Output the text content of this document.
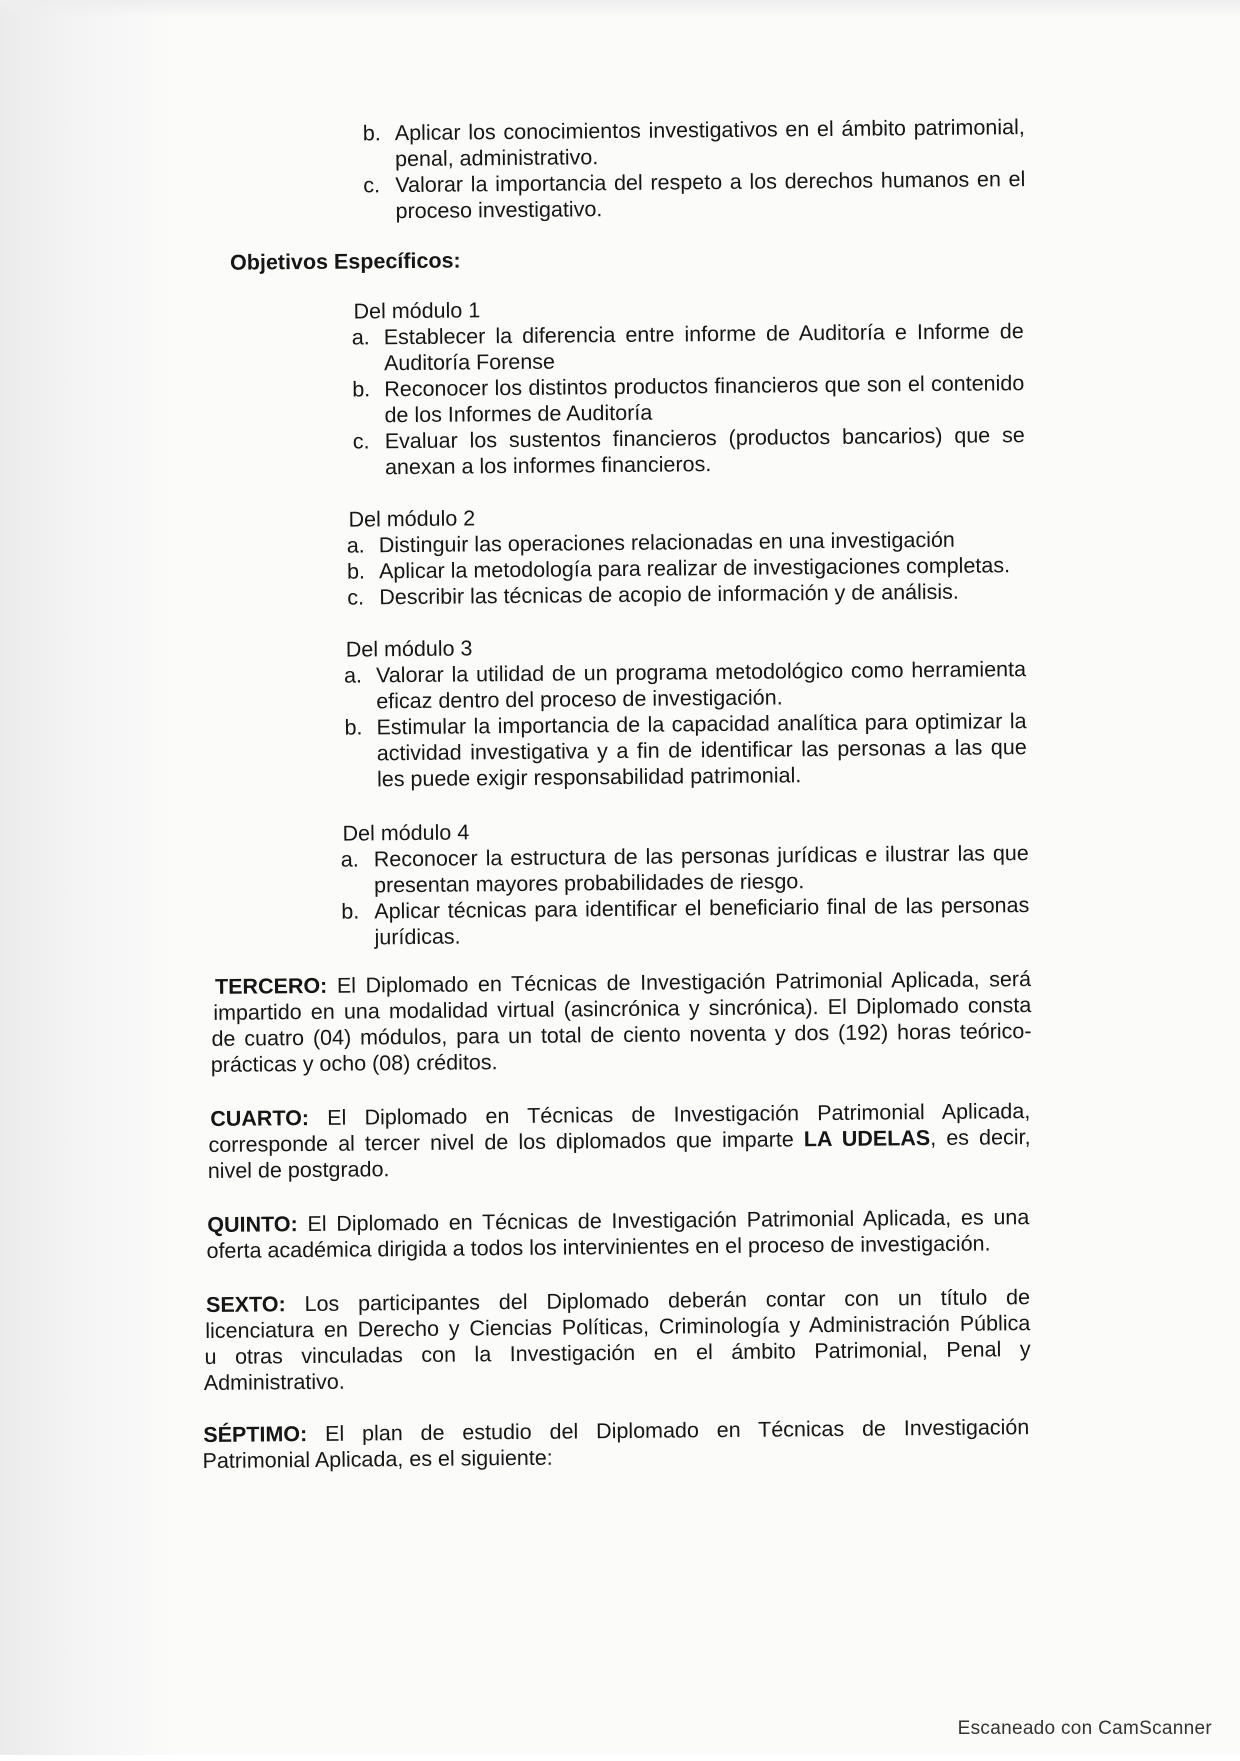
b. Aplicar los conocimientos investigativos en el ámbito patrimonial,
penal, administrativo.
c. Valorar la importancia del respeto a los derechos humanos en el
proceso investigativo.
Objetivos Específicos:
Del módulo 1
a. Establecer la diferencia entre informe de Auditoría e Informe de
Auditoría Forense
b. Reconocer los distintos productos financieros que son el contenido
de los Informes de Auditoría
c. Evaluar los sustentos financieros (productos bancarios) que se
anexan a los informes financieros.
Del módulo 2
a. Distinguir las operaciones relacionadas en una investigación
b. Aplicar la metodología para realizar de investigaciones completas.
c. Describir las técnicas de acopio de información y de análisis.
Del módulo 3
a. Valorar la utilidad de un programa metodológico como herramienta
eficaz dentro del proceso de investigación.
b. Estimular la importancia de la capacidad analítica para optimizar la
actividad investigativa y a fin de identificar las personas a las que
les puede exigir responsabilidad patrimonial.
Del módulo 4
a. Reconocer la estructura de las personas jurídicas e ilustrar las que
presentan mayores probabilidades de riesgo.
b. Aplicar técnicas para identificar el beneficiario final de las personas
jurídicas.
TERCERO: El Diplomado en Técnicas de Investigación Patrimonial Aplicada, será
impartido en una modalidad virtual (asincrónica y sincrónica). El Diplomado consta
de cuatro (04) módulos, para un total de ciento noventa y dos (192) horas teórico-
prácticas y ocho (08) créditos.
CUARTO: El Diplomado en Técnicas de Investigación Patrimonial Aplicada,
corresponde al tercer nivel de los diplomados que imparte LA UDELAS, es decir,
nivel de postgrado.
QUINTO: El Diplomado en Técnicas de Investigación Patrimonial Aplicada, es una
oferta académica dirigida a todos los intervinientes en el proceso de investigación.
SEXTO: Los participantes del Diplomado deberán contar con un título de
licenciatura en Derecho y Ciencias Políticas, Criminología y Administración Pública
u otras vinculadas con la Investigación en el ámbito Patrimonial, Penal y
Administrativo.
SÉPTIMO: El plan de estudio del Diplomado en Técnicas de Investigación
Patrimonial Aplicada, es el siguiente:
Escaneado con CamScanner
